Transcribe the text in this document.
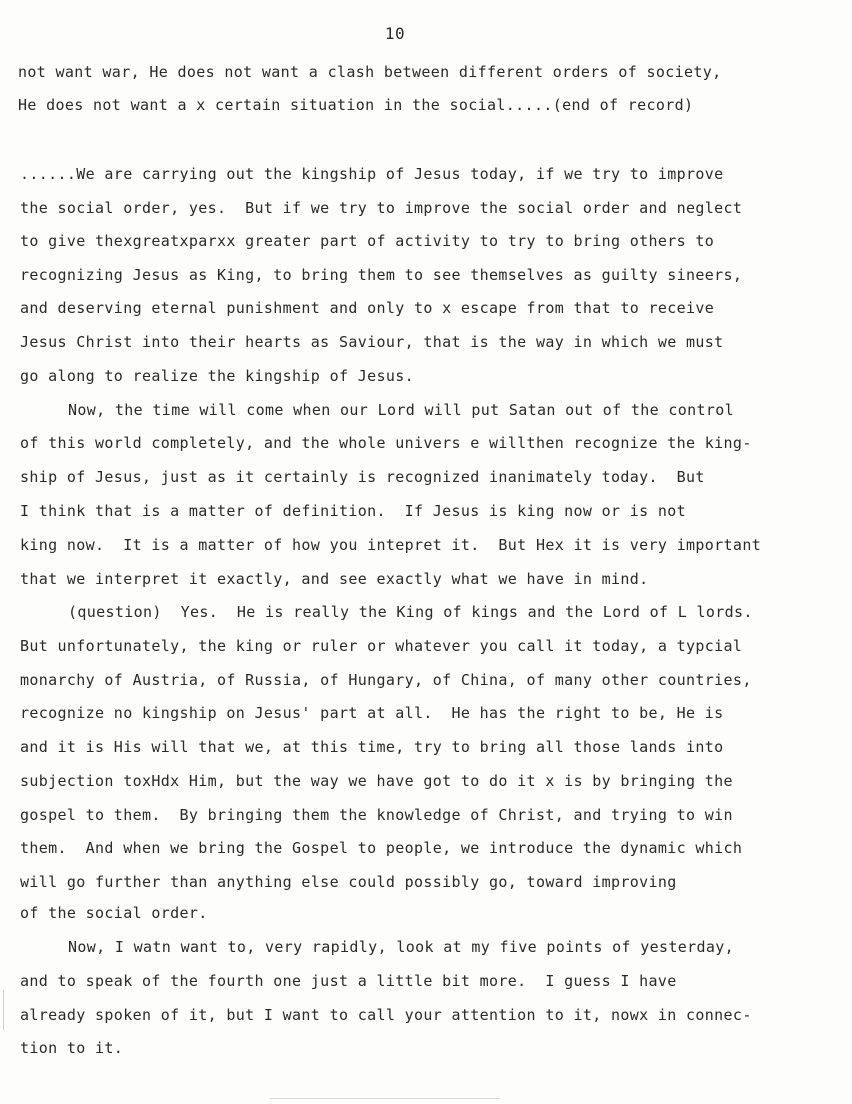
10
not want war, He does not want a clash between different orders of society,
He does not want a х certain situation in the social.....(end of record)
......We are carrying out the kingship of Jesus today, if we try to improve
the social order, yes.  But if we try to improve the social order and neglect
to give thexgreatxparxx greater part of activity to try to bring others to
recognizing Jesus as King, to bring them to see themselves as guilty sineers,
and deserving eternal punishment and only to x escape from that to receive
Jesus Christ into their hearts as Saviour, that is the way in which we must
go along to realize the kingship of Jesus.
Now, the time will come when our Lord will put Satan out of the control
of this world completely, and the whole univers e willthen recognize the king-
ship of Jesus, just as it certainly is recognized inanimately today.  But
I think that is a matter of definition.  If Jesus is king now or is not
king now.  It is a matter of how you intepret it.  But Hex it is very important
that we interpret it exactly, and see exactly what we have in mind.
(question)  Yes.  He is really the King of kings and the Lord of L lords.
But unfortunately, the king or ruler or whatever you call it today, a typcial
monarchy of Austria, of Russia, of Hungary, of China, of many other countries,
recognize no kingship on Jesus' part at all.  He has the right to be, He is
and it is His will that we, at this time, try to bring all those lands into
subjection toxHdx Him, but the way we have got to do it x is by bringing the
gospel to them.  By bringing them the knowledge of Christ, and trying to win
them.  And when we bring the Gospel to people, we introduce the dynamic which
will go further than anything else could possibly go, toward improving
of the social order.
Now, I watn want to, very rapidly, look at my five points of yesterday,
and to speak of the fourth one just a little bit more.  I guess I have
already spoken of it, but I want to call your attention to it, nowx in connec-
tion to it.
